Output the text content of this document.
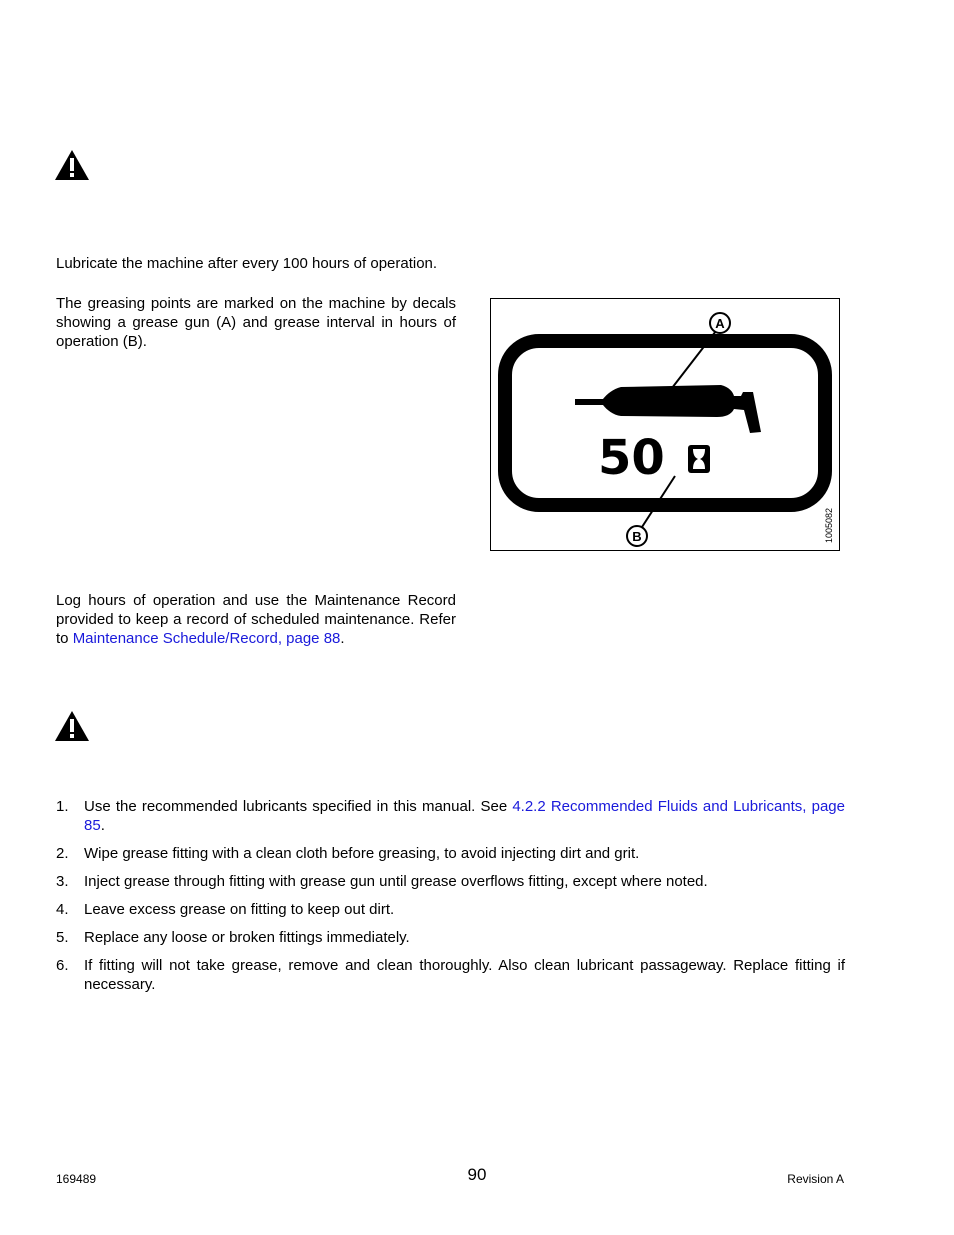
Lubricate the machine after every 100 hours of operation.

The greasing points are marked on the machine by decals showing a grease gun (A) and grease interval in hours of operation (B).

50
A
B	1005082

Log hours of operation and use the Maintenance Record provided to keep a record of scheduled maintenance. Refer to Maintenance Schedule/Record, page 88.

1. Use the recommended lubricants specified in this manual. See 4.2.2 Recommended Fluids and Lubricants, page 85.
2. Wipe grease fitting with a clean cloth before greasing, to avoid injecting dirt and grit.
3. Inject grease through fitting with grease gun until grease overflows fitting, except where noted.
4. Leave excess grease on fitting to keep out dirt.
5. Replace any loose or broken fittings immediately.
6. If fitting will not take grease, remove and clean thoroughly. Also clean lubricant passageway. Replace fitting if necessary.
169489	90	Revision A
